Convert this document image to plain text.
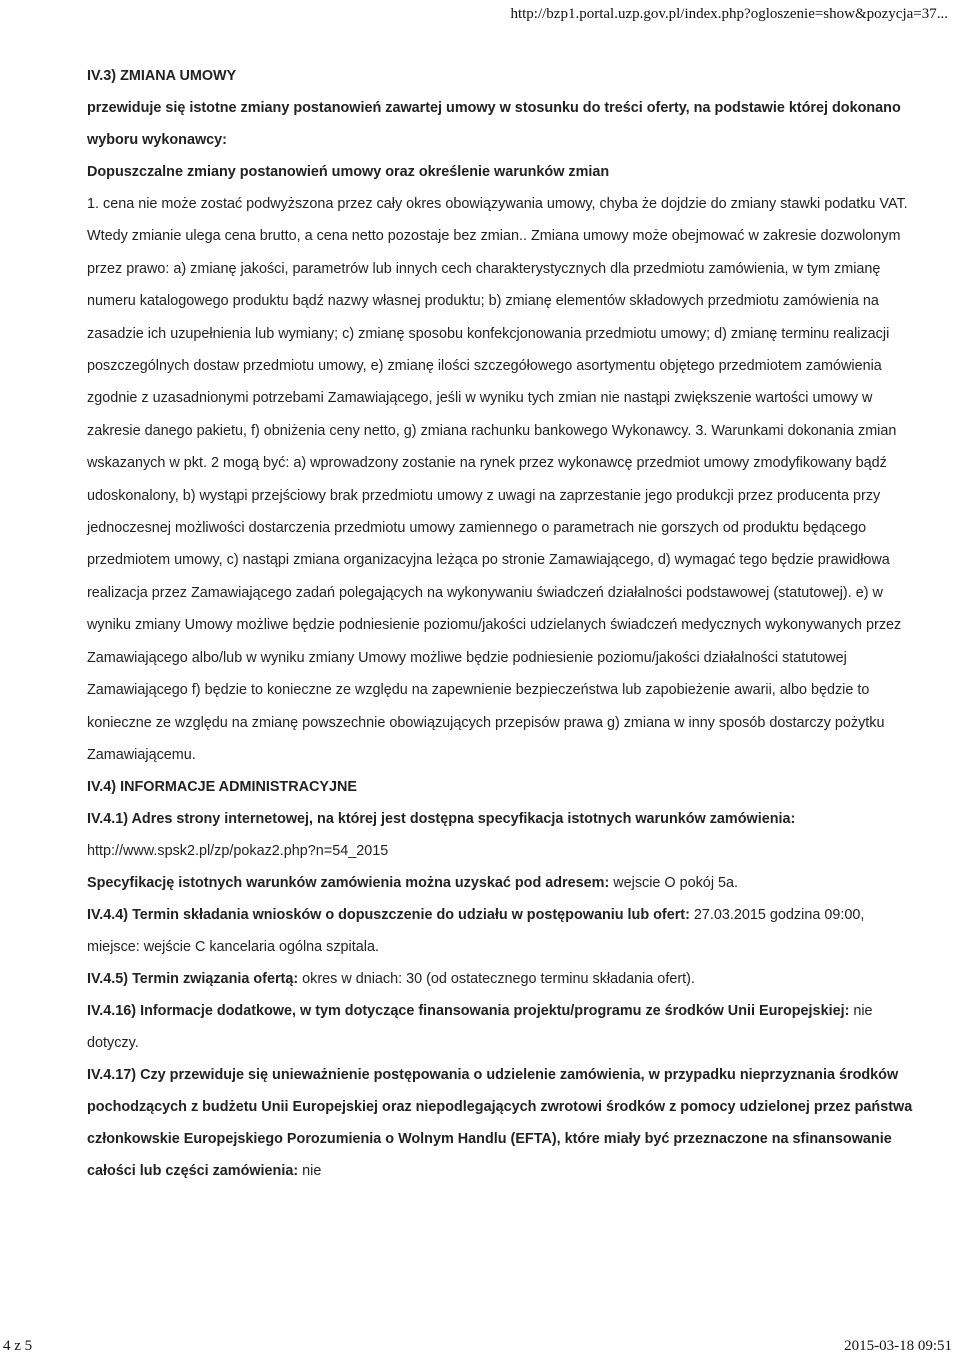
http://bzp1.portal.uzp.gov.pl/index.php?ogloszenie=show&pozycja=37...
IV.3) ZMIANA UMOWY
przewiduje się istotne zmiany postanowień zawartej umowy w stosunku do treści oferty, na podstawie której dokonano wyboru wykonawcy:
Dopuszczalne zmiany postanowień umowy oraz określenie warunków zmian
1. cena nie może zostać podwyższona przez cały okres obowiązywania umowy, chyba że dojdzie do zmiany stawki podatku VAT. Wtedy zmianie ulega cena brutto, a cena netto pozostaje bez zmian.. Zmiana umowy może obejmować w zakresie dozwolonym przez prawo: a) zmianę jakości, parametrów lub innych cech charakterystycznych dla przedmiotu zamówienia, w tym zmianę numeru katalogowego produktu bądź nazwy własnej produktu; b) zmianę elementów składowych przedmiotu zamówienia na zasadzie ich uzupełnienia lub wymiany; c) zmianę sposobu konfekcjonowania przedmiotu umowy; d) zmianę terminu realizacji poszczególnych dostaw przedmiotu umowy, e) zmianę ilości szczegółowego asortymentu objętego przedmiotem zamówienia zgodnie z uzasadnionymi potrzebami Zamawiającego, jeśli w wyniku tych zmian nie nastąpi zwiększenie wartości umowy w zakresie danego pakietu, f) obniżenia ceny netto, g) zmiana rachunku bankowego Wykonawcy. 3. Warunkami dokonania zmian wskazanych w pkt. 2 mogą być: a) wprowadzony zostanie na rynek przez wykonawcę przedmiot umowy zmodyfikowany bądź udoskonalony, b) wystąpi przejściowy brak przedmiotu umowy z uwagi na zaprzestanie jego produkcji przez producenta przy jednoczesnej możliwości dostarczenia przedmiotu umowy zamiennego o parametrach nie gorszych od produktu będącego przedmiotem umowy, c) nastąpi zmiana organizacyjna leżąca po stronie Zamawiającego, d) wymagać tego będzie prawidłowa realizacja przez Zamawiającego zadań polegających na wykonywaniu świadczeń działalności podstawowej (statutowej). e) w wyniku zmiany Umowy możliwe będzie podniesienie poziomu/jakości udzielanych świadczeń medycznych wykonywanych przez Zamawiającego albo/lub w wyniku zmiany Umowy możliwe będzie podniesienie poziomu/jakości działalności statutowej Zamawiającego f) będzie to konieczne ze względu na zapewnienie bezpieczeństwa lub zapobieżenie awarii, albo będzie to konieczne ze względu na zmianę powszechnie obowiązujących przepisów prawa g) zmiana w inny sposób dostarczy pożytku Zamawiającemu.
IV.4) INFORMACJE ADMINISTRACYJNE
IV.4.1) Adres strony internetowej, na której jest dostępna specyfikacja istotnych warunków zamówienia: http://www.spsk2.pl/zp/pokaz2.php?n=54_2015
Specyfikację istotnych warunków zamówienia można uzyskać pod adresem: wejscie O pokój 5a.
IV.4.4) Termin składania wniosków o dopuszczenie do udziału w postępowaniu lub ofert: 27.03.2015 godzina 09:00, miejsce: wejście C kancelaria ogólna szpitala.
IV.4.5) Termin związania ofertą: okres w dniach: 30 (od ostatecznego terminu składania ofert).
IV.4.16) Informacje dodatkowe, w tym dotyczące finansowania projektu/programu ze środków Unii Europejskiej: nie dotyczy.
IV.4.17) Czy przewiduje się unieważnienie postępowania o udzielenie zamówienia, w przypadku nieprzyznania środków pochodzących z budżetu Unii Europejskiej oraz niepodlegających zwrotowi środków z pomocy udzielonej przez państwa członkowskie Europejskiego Porozumienia o Wolnym Handlu (EFTA), które miały być przeznaczone na sfinansowanie całości lub części zamówienia: nie
4 z 5	2015-03-18 09:51
